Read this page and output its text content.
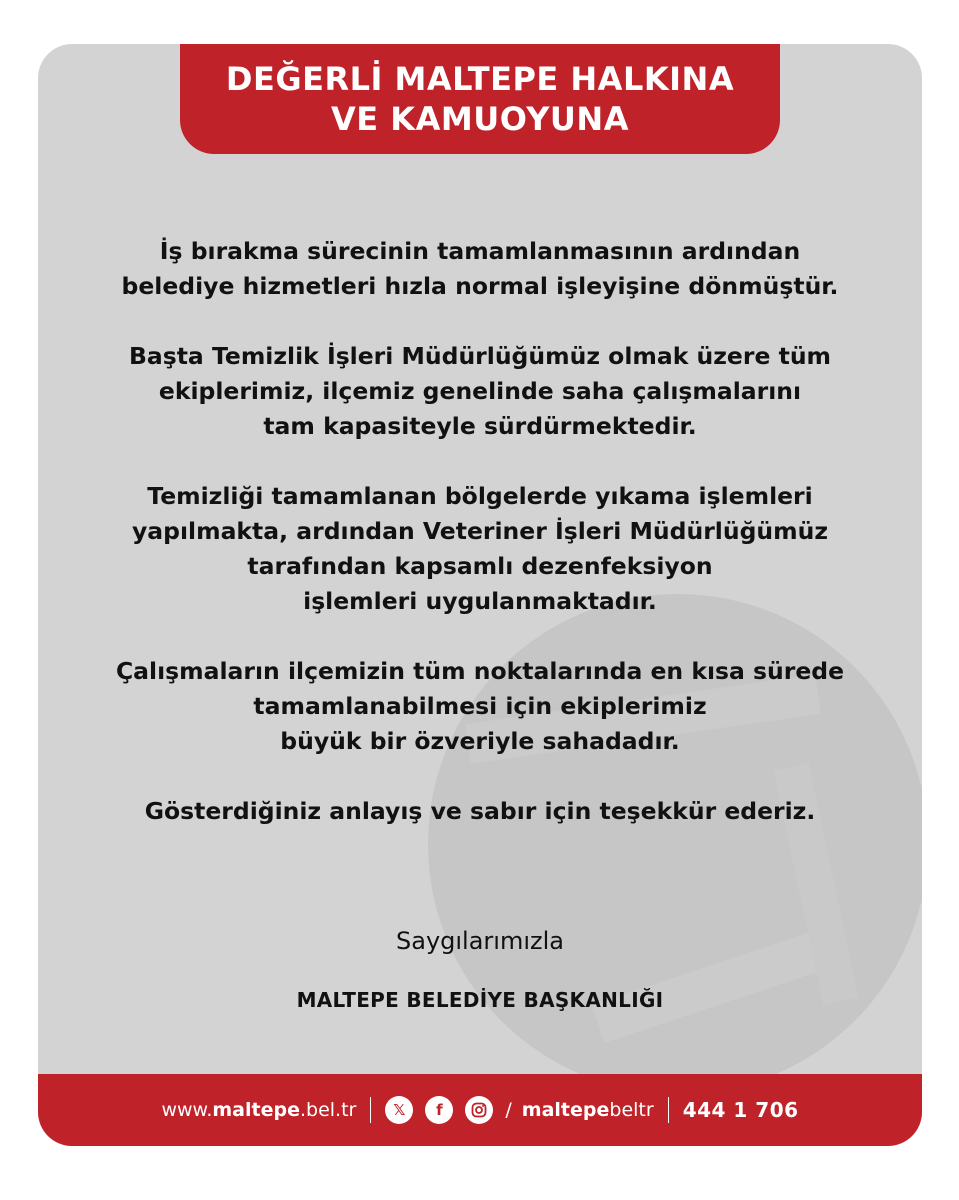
DEĞERLİ MALTEPE HALKINA
VE KAMUOYUNA
İş bırakma sürecinin tamamlanmasının ardından
belediye hizmetleri hızla normal işleyişine dönmüştür.
Başta Temizlik İşleri Müdürlüğümüz olmak üzere tüm
ekiplerimiz, ilçemiz genelinde saha çalışmalarını
tam kapasiteyle sürdürmektedir.
Temizliği tamamlanan bölgelerde yıkama işlemleri
yapılmakta, ardından Veteriner İşleri Müdürlüğümüz
tarafından kapsamlı dezenfeksiyon
işlemleri uygulanmaktadır.
Çalışmaların ilçemizin tüm noktalarında en kısa sürede
tamamlanabilmesi için ekiplerimiz
büyük bir özveriyle sahadadır.
Gösterdiğiniz anlayış ve sabır için teşekkür ederiz.
Saygılarımızla
MALTEPE BELEDİYE BAŞKANLIĞI
www.maltepe.bel.tr	𝕏	f	/ maltepebeltr 444 1 706
